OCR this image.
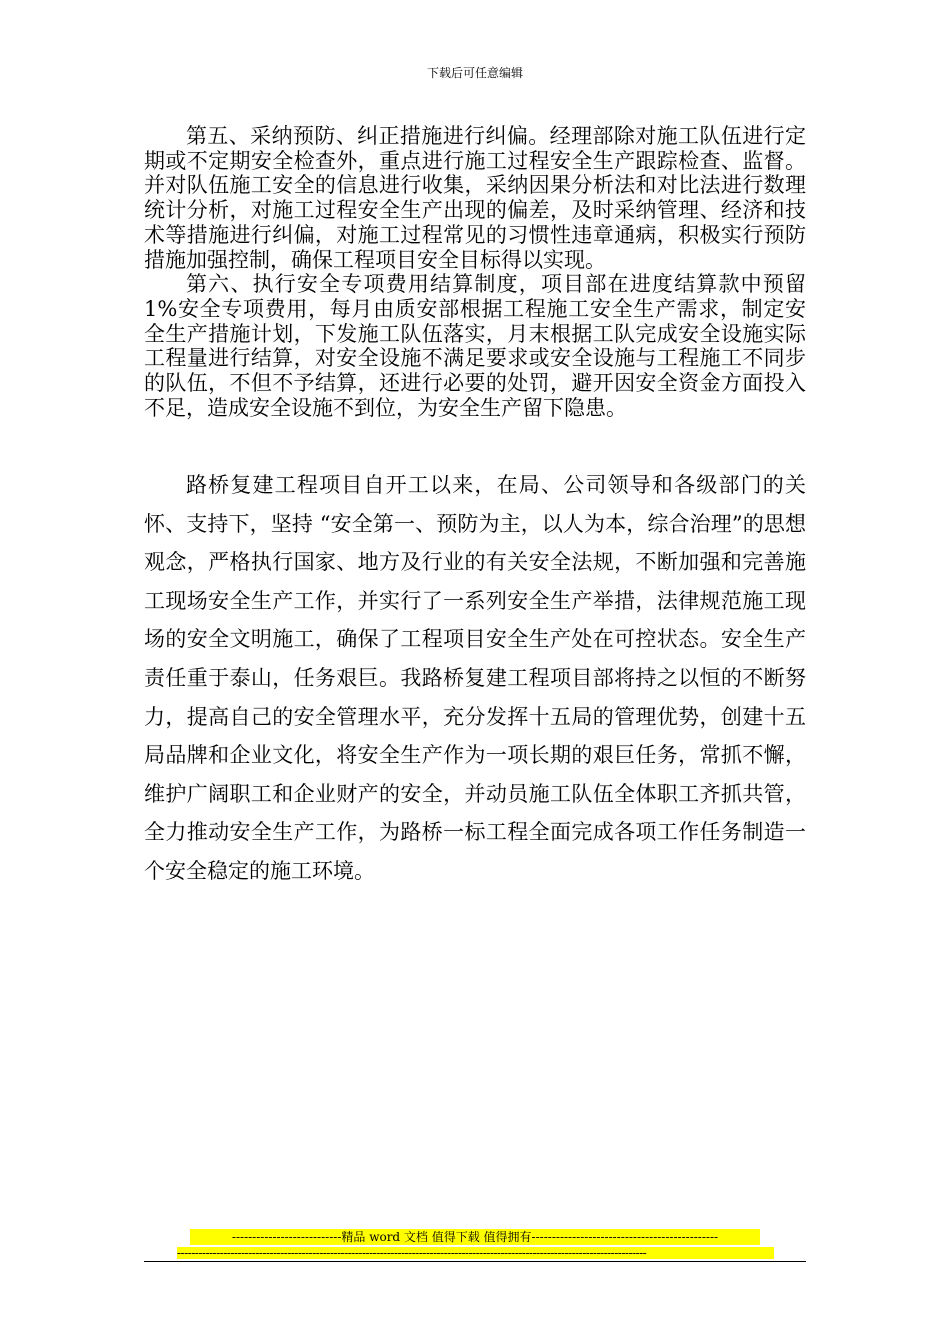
下载后可任意编辑

第五、采纳预防、纠正措施进行纠偏。经理部除对施工队伍进行定期或不定期安全检查外，重点进行施工过程安全生产跟踪检查、监督。并对队伍施工安全的信息进行收集，采纳因果分析法和对比法进行数理统计分析，对施工过程安全生产出现的偏差，及时采纳管理、经济和技术等措施进行纠偏，对施工过程常见的习惯性违章通病，积极实行预防措施加强控制，确保工程项目安全目标得以实现。

第六、执行安全专项费用结算制度，项目部在进度结算款中预留1%安全专项费用，每月由质安部根据工程施工安全生产需求，制定安全生产措施计划，下发施工队伍落实，月末根据工队完成安全设施实际工程量进行结算，对安全设施不满足要求或安全设施与工程施工不同步的队伍，不但不予结算，还进行必要的处罚，避开因安全资金方面投入不足，造成安全设施不到位，为安全生产留下隐患。

路桥复建工程项目自开工以来，在局、公司领导和各级部门的关怀、支持下，坚持 “安全第一、预防为主，以人为本，综合治理”的思想观念，严格执行国家、地方及行业的有关安全法规，不断加强和完善施工现场安全生产工作，并实行了一系列安全生产举措，法律规范施工现场的安全文明施工，确保了工程项目安全生产处在可控状态。安全生产责任重于泰山，任务艰巨。我路桥复建工程项目部将持之以恒的不断努力，提高自己的安全管理水平，充分发挥十五局的管理优势，创建十五局品牌和企业文化，将安全生产作为一项长期的艰巨任务，常抓不懈，维护广阔职工和企业财产的安全，并动员施工队伍全体职工齐抓共管，全力推动安全生产工作，为路桥一标工程全面完成各项工作任务制造一个安全稳定的施工环境。

---------------------------精品 word 文档 值得下载 值得拥有----------------------------------------------
------------------------------------------------------------------------------------------------------------------------------------
